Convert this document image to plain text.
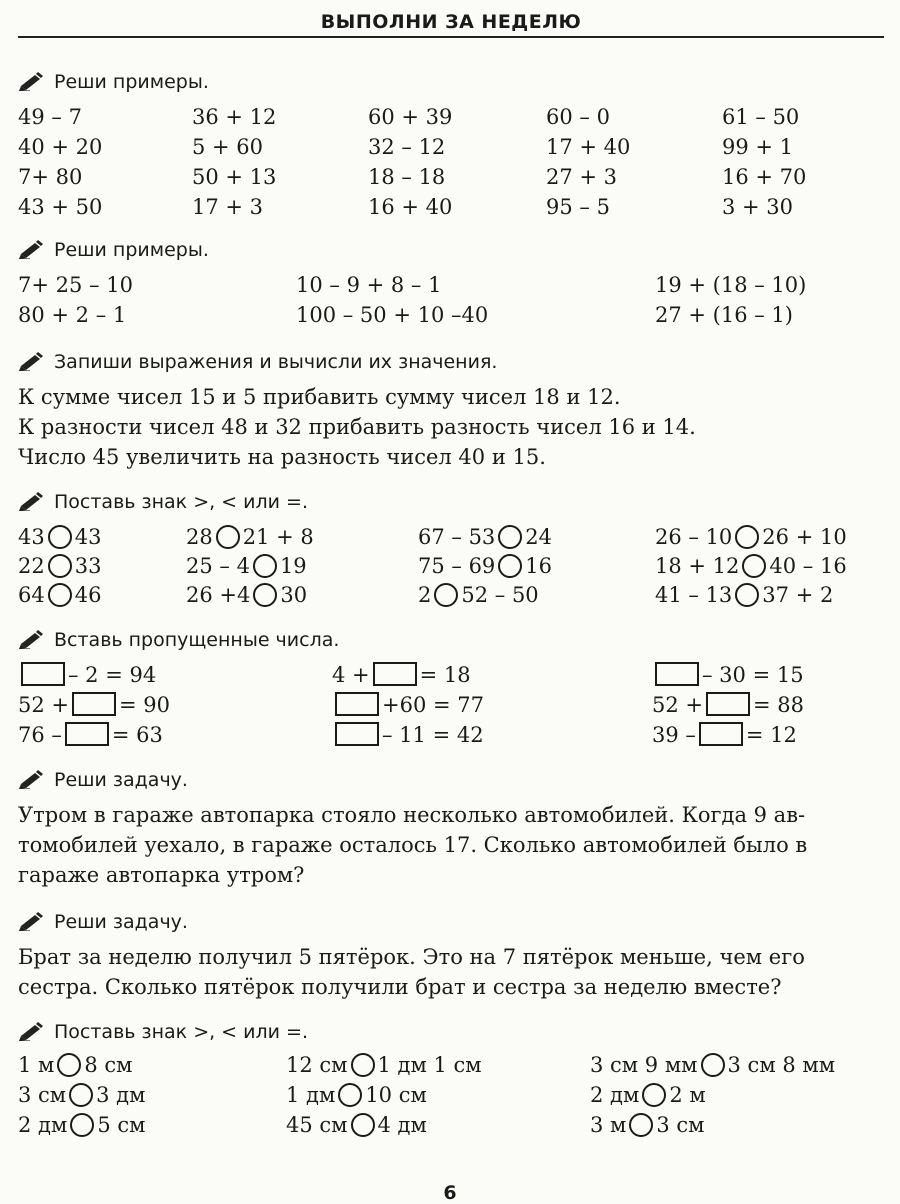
ВЫПОЛНИ ЗА НЕДЕЛЮ
Реши примеры.
49 – 7
40 + 20
7+ 80
43 + 50
36 + 12
5 + 60
50 + 13
17 + 3
60 + 39
32 – 12
18 – 18
16 + 40
60 – 0
17 + 40
27 + 3
95 – 5
61 – 50
99 + 1
16 + 70
3 + 30
Реши примеры.
7+ 25 – 10
80 + 2 – 1
10 – 9 + 8 – 1
100 – 50 + 10 –40
19 + (18 – 10)
27 + (16 – 1)
Запиши выражения и вычисли их значения.
К сумме чисел 15 и 5 прибавить сумму чисел 18 и 12.
К разности чисел 48 и 32 прибавить разность чисел 16 и 14.
Число 45 увеличить на разность чисел 40 и 15.
Поставь знак >, < или =.
43 43
22 33
64 46
28 21 + 8
25 – 4 19
26 +4 30
67 – 53 24
75 – 69 16
2 52 – 50
26 – 10 26 + 10
18 + 12 40 – 16
41 – 13 37 + 2
Вставь пропущенные числа.
– 2 = 94
52 + = 90
76 – = 63
4 + = 18
+60 = 77
– 11 = 42
– 30 = 15
52 + = 88
39 – = 12
Реши задачу.
Утром в гараже автопарка стояло несколько автомобилей. Когда 9 ав-
томобилей уехало, в гараже осталось 17. Сколько автомобилей было в
гараже автопарка утром?
Реши задачу.
Брат за неделю получил 5 пятёрок. Это на 7 пятёрок меньше, чем его
сестра. Сколько пятёрок получили брат и сестра за неделю вместе?
Поставь знак >, < или =.
1 м 8 см
3 см 3 дм
2 дм 5 см
12 см 1 дм 1 см
1 дм 10 см
45 см 4 дм
3 см 9 мм 3 см 8 мм
2 дм 2 м
3 м 3 см
6
